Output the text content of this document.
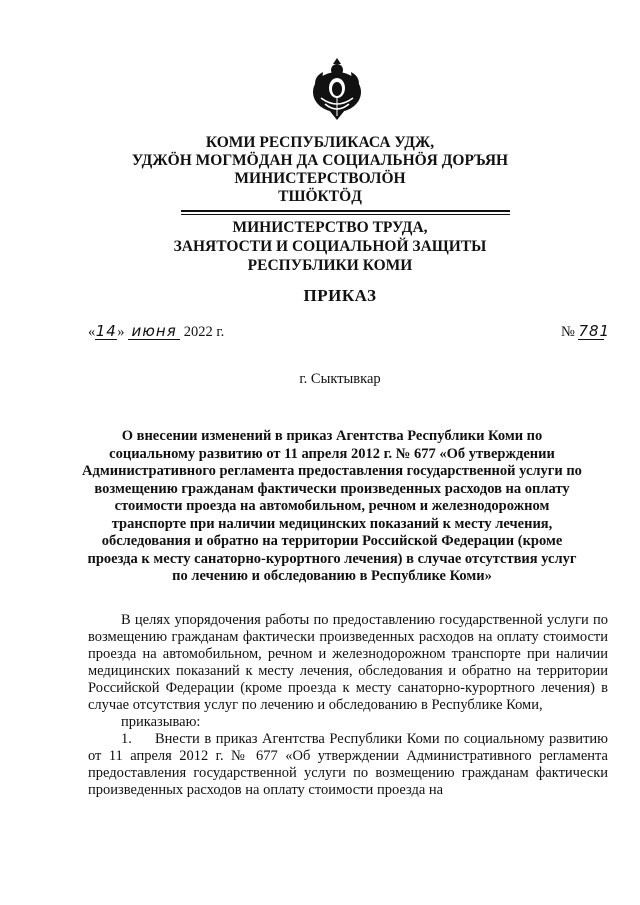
КОМИ РЕСПУБЛИКАСА УДЖ,
УДЖӦН МОГМӦДАН ДА СОЦИАЛЬНӦЯ ДОРЪЯН
МИНИСТЕРСТВОЛӦН
ТШӦКТӦД
МИНИСТЕРСТВО ТРУДА,
ЗАНЯТОСТИ И СОЦИАЛЬНОЙ ЗАЩИТЫ
РЕСПУБЛИКИ КОМИ
ПРИКАЗ
«14» июня 2022 г.	№ 781
г. Сыктывкар
О внесении изменений в приказ Агентства Республики Коми по социальному развитию от 11 апреля 2012 г. № 677 «Об утверждении Административного регламента предоставления государственной услуги по возмещению гражданам фактически произведенных расходов на оплату стоимости проезда на автомобильном, речном и железнодорожном транспорте при наличии медицинских показаний к месту лечения, обследования и обратно на территории Российской Федерации (кроме проезда к месту санаторно-курортного лечения) в случае отсутствия услуг по лечению и обследованию в Республике Коми»

В целях упорядочения работы по предоставлению государственной услуги по возмещению гражданам фактически произведенных расходов на оплату стоимости проезда на автомобильном, речном и железнодорожном транспорте при наличии медицинских показаний к месту лечения, обследования и обратно на территории Российской Федерации (кроме проезда к месту санаторно-курортного лечения) в случае отсутствия услуг по лечению и обследованию в Республике Коми,

приказываю:

1. Внести в приказ Агентства Республики Коми по социальному развитию от 11 апреля 2012 г. № 677 «Об утверждении Административного регламента предоставления государственной услуги по возмещению гражданам фактически произведенных расходов на оплату стоимости проезда на
